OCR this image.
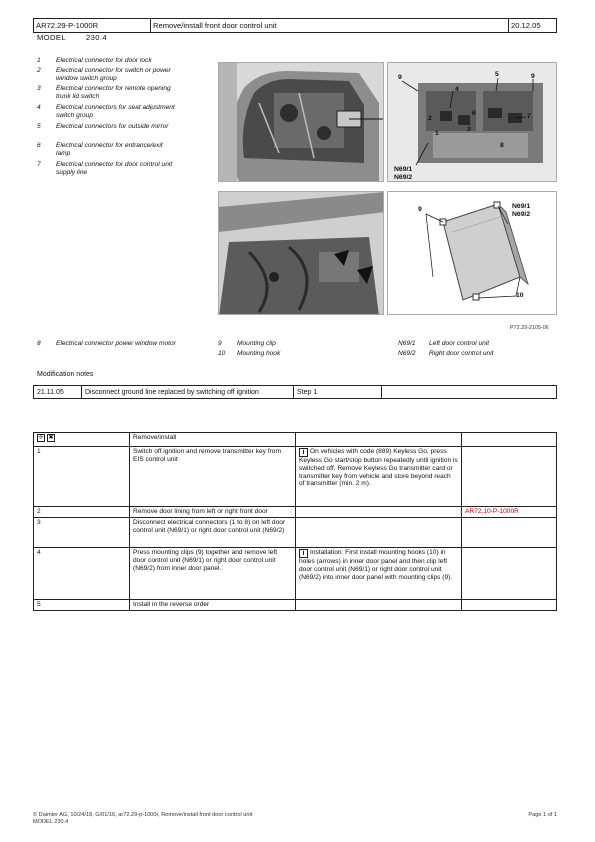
AR72.29-P-1000R	Remove/install front door control unit	20.12.05
MODEL	230.4
1 Electrical connector for door lock
2 Electrical connector for switch or power window switch group
3 Electrical connector for remote opening trunk lid switch
4 Electrical connectors for seat adjustment switch group
5 Electrical connectors for outside mirror
6 Electrical connector for entrance/exit lamp
7 Electrical connector for door control unit supply line
9	5	9
4
2
6	7
1
3
8
N69/1
N69/2
9	N69/1
N69/2
10
P72.29-2105-06
8 Electrical connector power window motor	9 Mounting clip
10 Mounting hook
N69/1 Left door control unit
N69/2 Right door control unit
Modification notes
21.11.05	Disconnect ground line replaced by switching off ignition	Step 1	
✢ ✖	Remove/install		
1	Switch off ignition and remove transmitter key from EIS control unit	i On vehicles with code (889) Keyless Go, press Keyless Go start/stop button repeatedly until ignition is switched off. Remove Keyless Go transmitter card or transmitter key from vehicle and store beyond reach of transmitter (min. 2 m).	
2	Remove door lining from left or right front door		AR72.10-P-1000R
3	Disconnect electrical connectors (1 to 8) on left door control unit (N69/1) or right door control unit (N69/2)		
4	Press mounting clips (9) together and remove left door control unit (N69/1) or right door control unit (N69/2) from inner door panel.	i Installation: First install mounting hooks (10) in holes (arrows) in inner door panel and then clip left door control unit (N69/1) or right door control unit (N69/2) into inner door panel with mounting clips (9).	
5	Install in the reverse order		
© Daimler AG, 10/24/18, G/01/16, ar72.29-p-1000r, Remove/install front door control unit
MODEL 230.4
Page 1 of 1
